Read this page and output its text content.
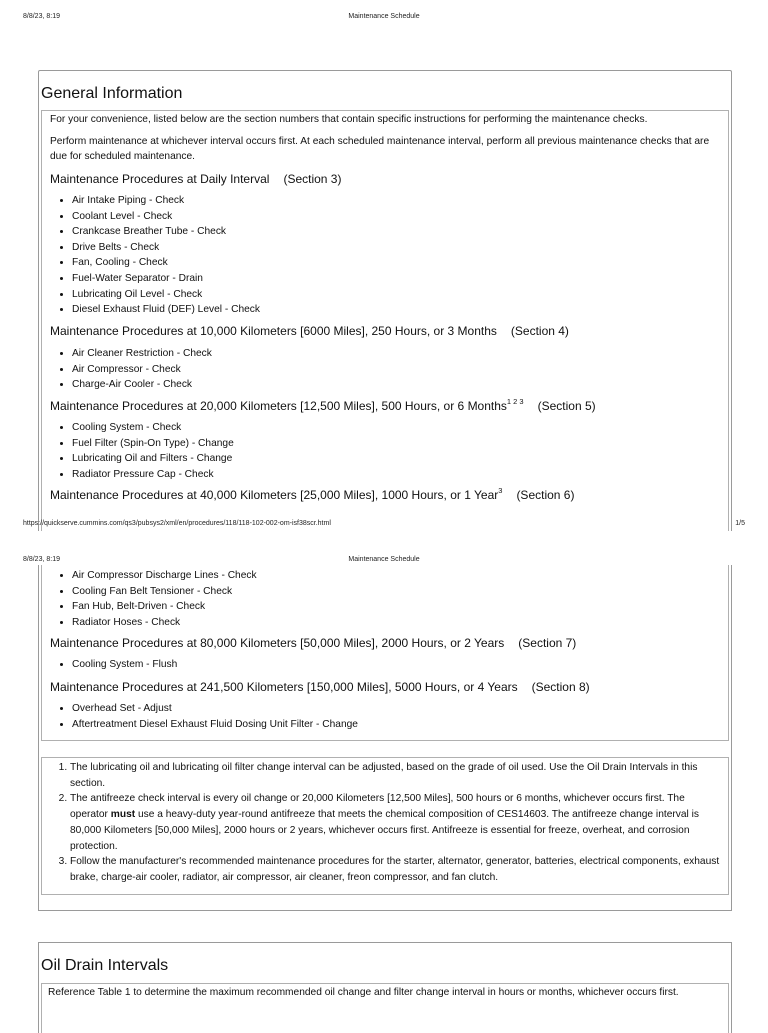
8/8/23, 8:19	Maintenance Schedule
General Information
For your convenience, listed below are the section numbers that contain specific instructions for performing the maintenance checks.
Perform maintenance at whichever interval occurs first. At each scheduled maintenance interval, perform all previous maintenance checks that are due for scheduled maintenance.
Maintenance Procedures at Daily Interval (Section 3)
• Air Intake Piping - Check
• Coolant Level - Check
• Crankcase Breather Tube - Check
• Drive Belts - Check
• Fan, Cooling - Check
• Fuel-Water Separator - Drain
• Lubricating Oil Level - Check
• Diesel Exhaust Fluid (DEF) Level - Check
Maintenance Procedures at 10,000 Kilometers [6000 Miles], 250 Hours, or 3 Months (Section 4)
• Air Cleaner Restriction - Check
• Air Compressor - Check
• Charge-Air Cooler - Check
Maintenance Procedures at 20,000 Kilometers [12,500 Miles], 500 Hours, or 6 Months$^{1 2 3}$ (Section 5)
• Cooling System - Check
• Fuel Filter (Spin-On Type) - Change
• Lubricating Oil and Filters - Change
• Radiator Pressure Cap - Check
Maintenance Procedures at 40,000 Kilometers [25,000 Miles], 1000 Hours, or 1 Year$^3$ (Section 6)
https://quickserve.cummins.com/qs3/pubsys2/xml/en/procedures/118/118-102-002-om-isf38scr.html	1/5
8/8/23, 8:19	Maintenance Schedule
• Air Compressor Discharge Lines - Check
• Cooling Fan Belt Tensioner - Check
• Fan Hub, Belt-Driven - Check
• Radiator Hoses - Check
Maintenance Procedures at 80,000 Kilometers [50,000 Miles], 2000 Hours, or 2 Years (Section 7)
• Cooling System - Flush
Maintenance Procedures at 241,500 Kilometers [150,000 Miles], 5000 Hours, or 4 Years (Section 8)
• Overhead Set - Adjust
• Aftertreatment Diesel Exhaust Fluid Dosing Unit Filter - Change
1. The lubricating oil and lubricating oil filter change interval can be adjusted, based on the grade of oil used. Use the Oil Drain Intervals in this section.
2. The antifreeze check interval is every oil change or 20,000 Kilometers [12,500 Miles], 500 hours or 6 months, whichever occurs first. The operator must use a heavy-duty year-round antifreeze that meets the chemical composition of CES14603. The antifreeze change interval is 80,000 Kilometers [50,000 Miles], 2000 hours or 2 years, whichever occurs first. Antifreeze is essential for freeze, overheat, and corrosion protection.
3. Follow the manufacturer's recommended maintenance procedures for the starter, alternator, generator, batteries, electrical components, exhaust brake, charge-air cooler, radiator, air compressor, air cleaner, freon compressor, and fan clutch.
Oil Drain Intervals
Reference Table 1 to determine the maximum recommended oil change and filter change interval in hours or months, whichever occurs first.
